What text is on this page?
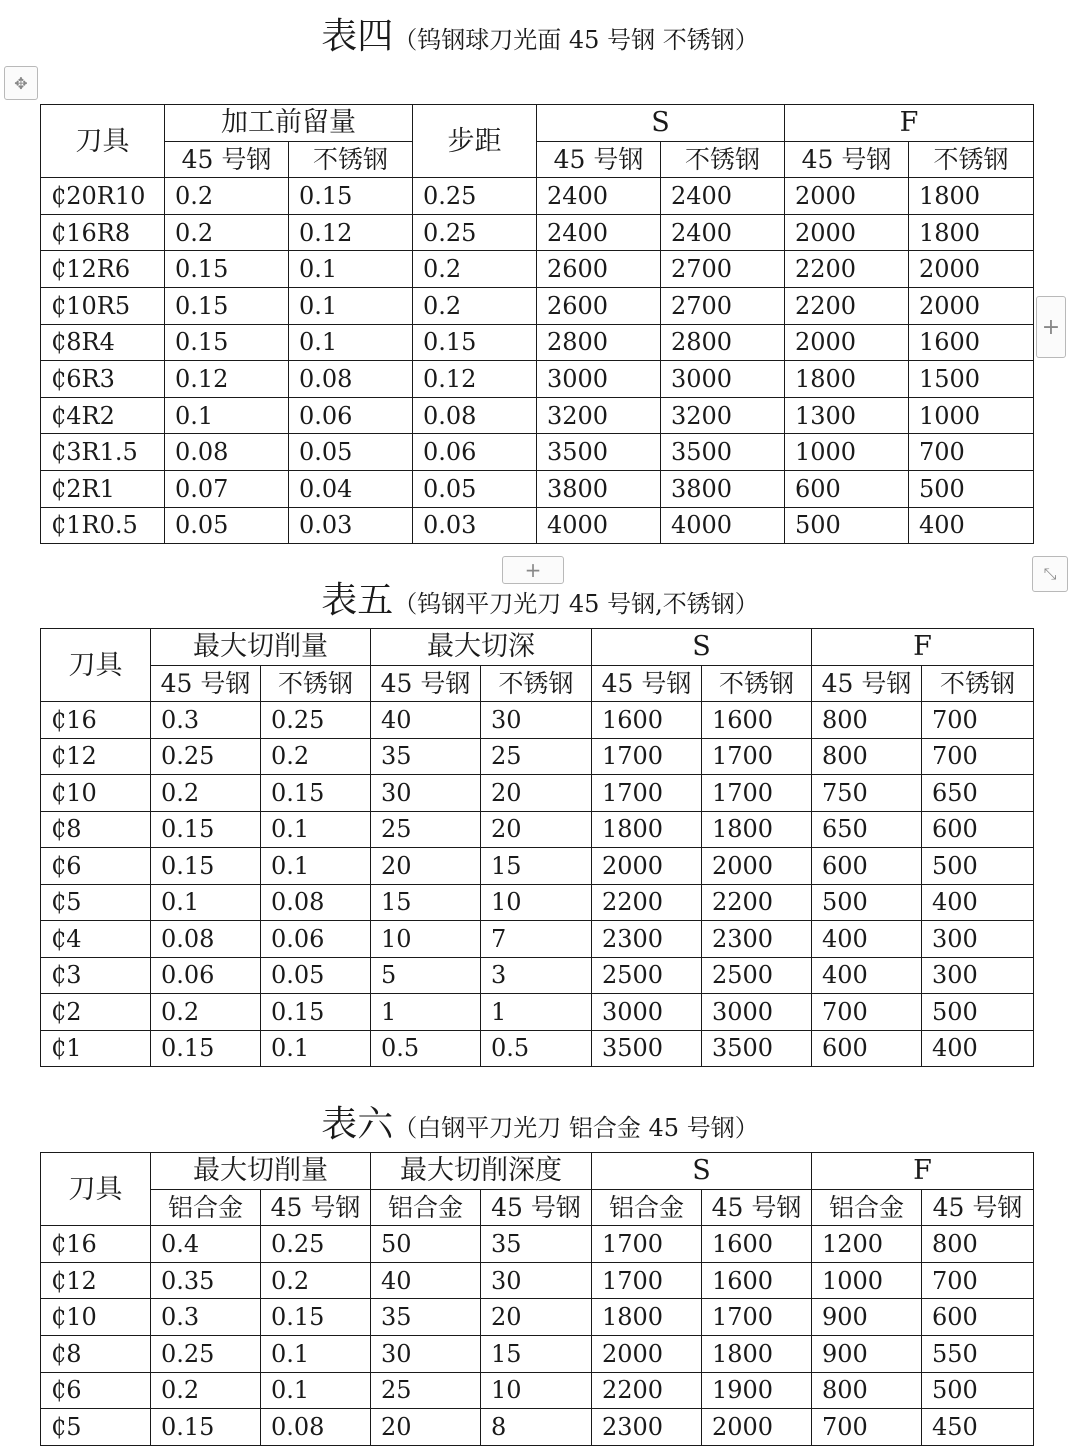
表四（钨钢球刀光面 45 号钢 不锈钢）
✥
+
+	⤡
刀具	加工前留量		步距	S		F	
	45 号钢	不锈钢		45 号钢	不锈钢	45 号钢	不锈钢
₵20R10	0.2	0.15	0.25	2400	2400	2000	1800
₵16R8	0.2	0.12	0.25	2400	2400	2000	1800
₵12R6	0.15	0.1	0.2	2600	2700	2200	2000
₵10R5	0.15	0.1	0.2	2600	2700	2200	2000
₵8R4	0.15	0.1	0.15	2800	2800	2000	1600
₵6R3	0.12	0.08	0.12	3000	3000	1800	1500
₵4R2	0.1	0.06	0.08	3200	3200	1300	1000
₵3R1.5	0.08	0.05	0.06	3500	3500	1000	700
₵2R1	0.07	0.04	0.05	3800	3800	600	500
₵1R0.5	0.05	0.03	0.03	4000	4000	500	400
表五（钨钢平刀光刀 45 号钢,不锈钢）
刀具	最大切削量		最大切深		S		F	
	45 号钢	不锈钢	45 号钢	不锈钢	45 号钢	不锈钢	45 号钢	不锈钢
₵16	0.3	0.25	40	30	1600	1600	800	700
₵12	0.25	0.2	35	25	1700	1700	800	700
₵10	0.2	0.15	30	20	1700	1700	750	650
₵8	0.15	0.1	25	20	1800	1800	650	600
₵6	0.15	0.1	20	15	2000	2000	600	500
₵5	0.1	0.08	15	10	2200	2200	500	400
₵4	0.08	0.06	10	7	2300	2300	400	300
₵3	0.06	0.05	5	3	2500	2500	400	300
₵2	0.2	0.15	1	1	3000	3000	700	500
₵1	0.15	0.1	0.5	0.5	3500	3500	600	400
表六（白钢平刀光刀 铝合金 45 号钢）
刀具	最大切削量		最大切削深度		S		F	
	铝合金	45 号钢	铝合金	45 号钢	铝合金	45 号钢	铝合金	45 号钢
₵16	0.4	0.25	50	35	1700	1600	1200	800
₵12	0.35	0.2	40	30	1700	1600	1000	700
₵10	0.3	0.15	35	20	1800	1700	900	600
₵8	0.25	0.1	30	15	2000	1800	900	550
₵6	0.2	0.1	25	10	2200	1900	800	500
₵5	0.15	0.08	20	8	2300	2000	700	450
